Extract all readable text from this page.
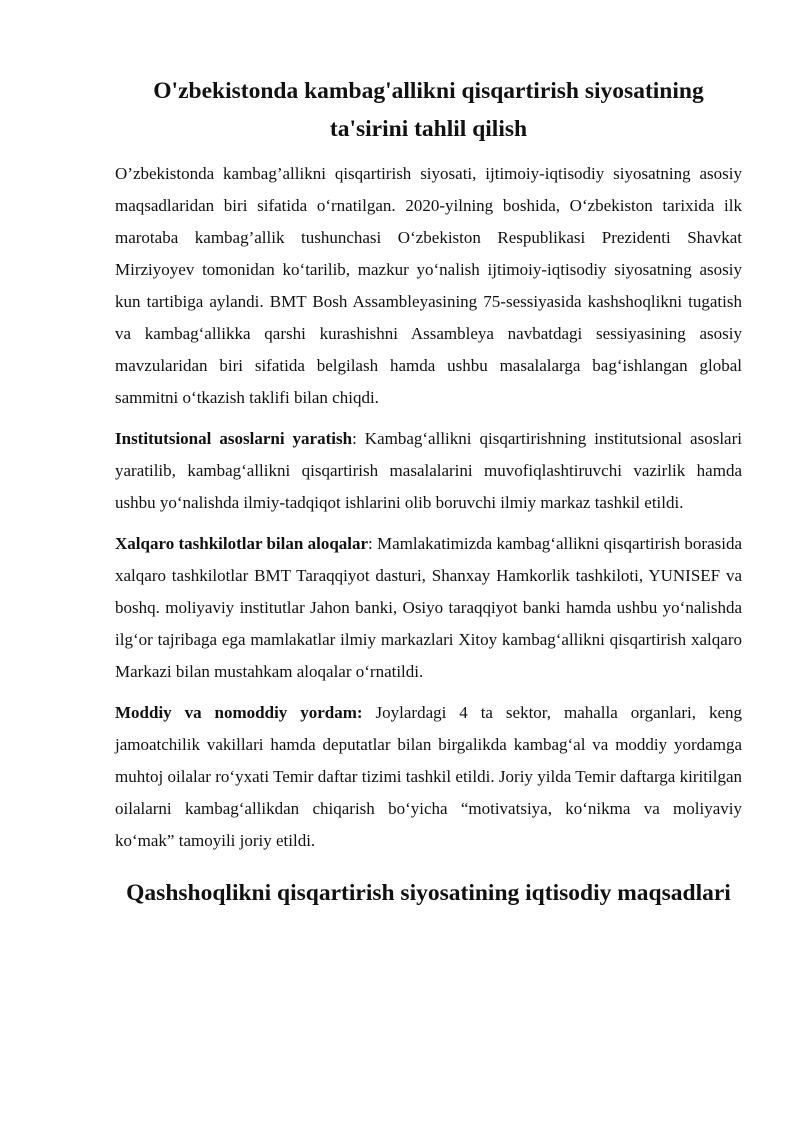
O'zbekistonda kambag'allikni qisqartirish siyosatining
ta'sirini tahlil qilish

O’zbekistonda kambag’allikni qisqartirish siyosati, ijtimoiy-iqtisodiy siyosatning asosiy maqsadlaridan biri sifatida o‘rnatilgan. 2020-yilning boshida, O‘zbekiston tarixida ilk marotaba kambag’allik tushunchasi O‘zbekiston Respublikasi Prezidenti Shavkat Mirziyoyev tomonidan ko‘tarilib, mazkur yo‘nalish ijtimoiy-iqtisodiy siyosatning asosiy kun tartibiga aylandi. BMT Bosh Assambleyasining 75-sessiyasida kashshoqlikni tugatish va kambag‘allikka qarshi kurashishni Assambleya navbatdagi sessiyasining asosiy mavzularidan biri sifatida belgilash hamda ushbu masalalarga bag‘ishlangan global sammitni o‘tkazish taklifi bilan chiqdi.

Institutsional asoslarni yaratish: Kambag‘allikni qisqartirishning institutsional asoslari yaratilib, kambag‘allikni qisqartirish masalalarini muvofiqlashtiruvchi vazirlik hamda ushbu yo‘nalishda ilmiy-tadqiqot ishlarini olib boruvchi ilmiy markaz tashkil etildi.

Xalqaro tashkilotlar bilan aloqalar: Mamlakatimizda kambag‘allikni qisqartirish borasida xalqaro tashkilotlar BMT Taraqqiyot dasturi, Shanxay Hamkorlik tashkiloti, YUNISEF va boshq. moliyaviy institutlar Jahon banki, Osiyo taraqqiyot banki hamda ushbu yo‘nalishda ilg‘or tajribaga ega mamlakatlar ilmiy markazlari Xitoy kambag‘allikni qisqartirish xalqaro Markazi bilan mustahkam aloqalar o‘rnatildi.

Moddiy va nomoddiy yordam: Joylardagi 4 ta sektor, mahalla organlari, keng jamoatchilik vakillari hamda deputatlar bilan birgalikda kambag‘al va moddiy yordamga muhtoj oilalar ro‘yxati Temir daftar tizimi tashkil etildi. Joriy yilda Temir daftarga kiritilgan oilalarni kambag‘allikdan chiqarish bo‘yicha “motivatsiya, ko‘nikma va moliyaviy ko‘mak” tamoyili joriy etildi.

Qashshoqlikni qisqartirish siyosatining iqtisodiy maqsadlari
